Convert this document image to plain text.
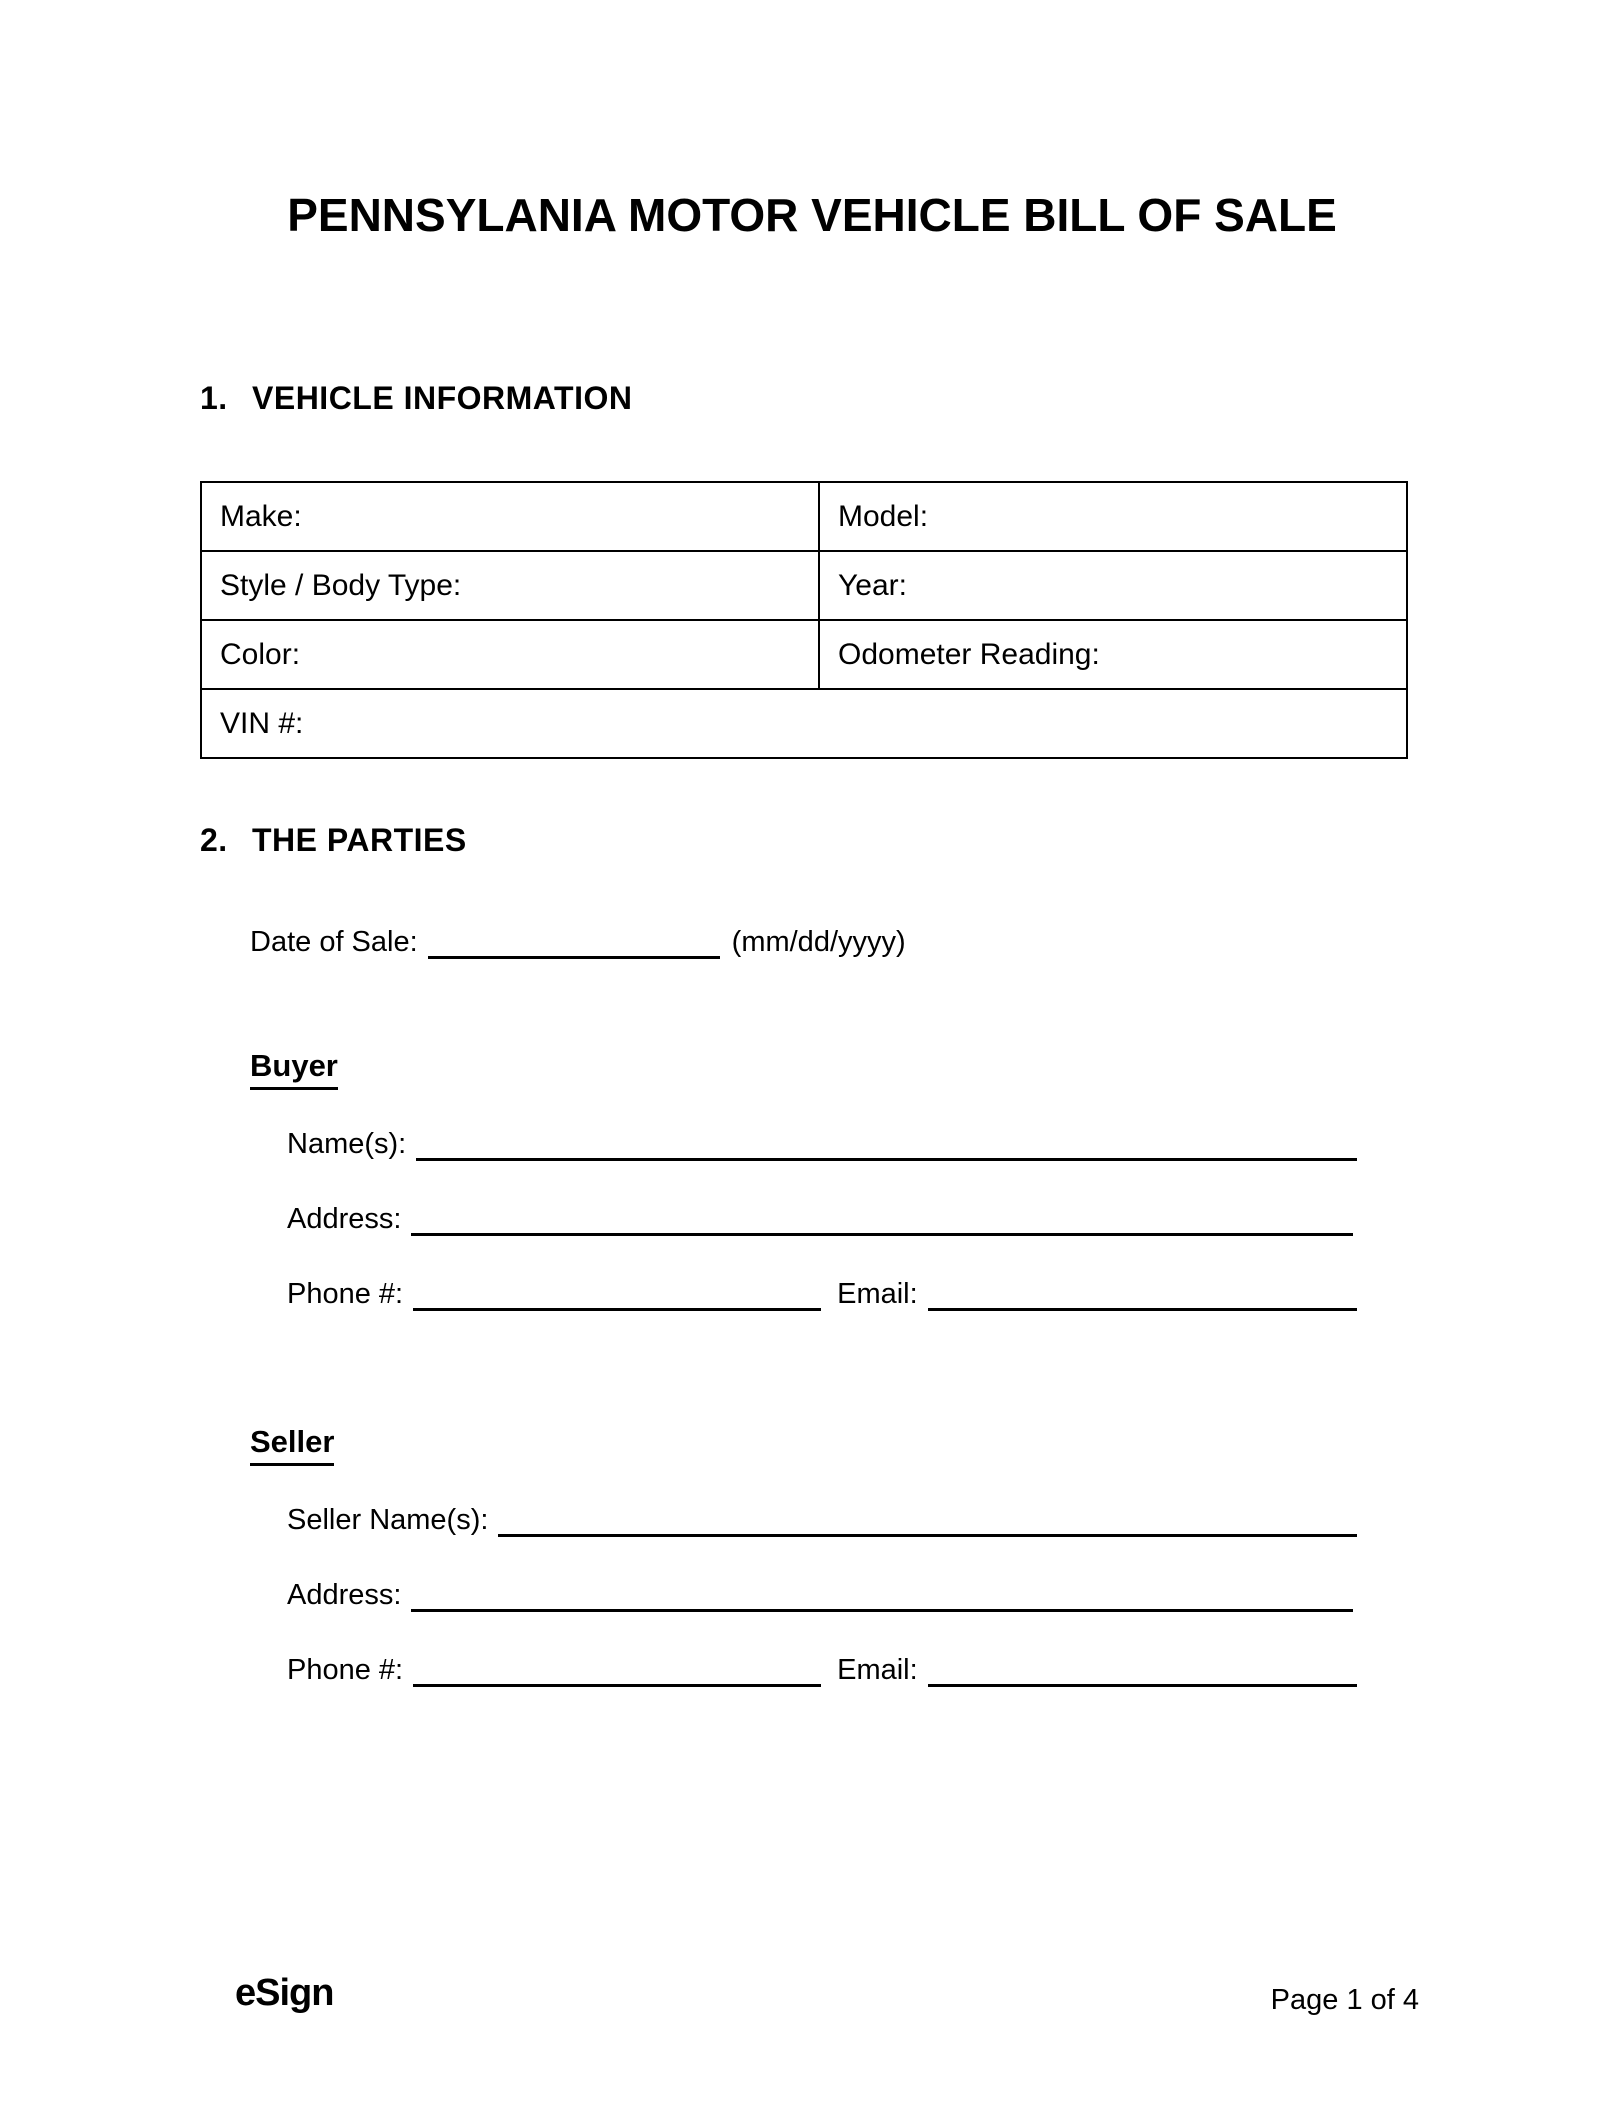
PENNSYLANIA MOTOR VEHICLE BILL OF SALE
1. VEHICLE INFORMATION
Make:	Model:
Style / Body Type:	Year:
Color:	Odometer Reading:
VIN #:	
2. THE PARTIES
Date of Sale:	(mm/dd/yyyy)
Buyer
Name(s):
Address:
Phone #:	Email:
Seller
Seller Name(s):
Address:
Phone #:	Email:
eSign	Page 1 of 4
